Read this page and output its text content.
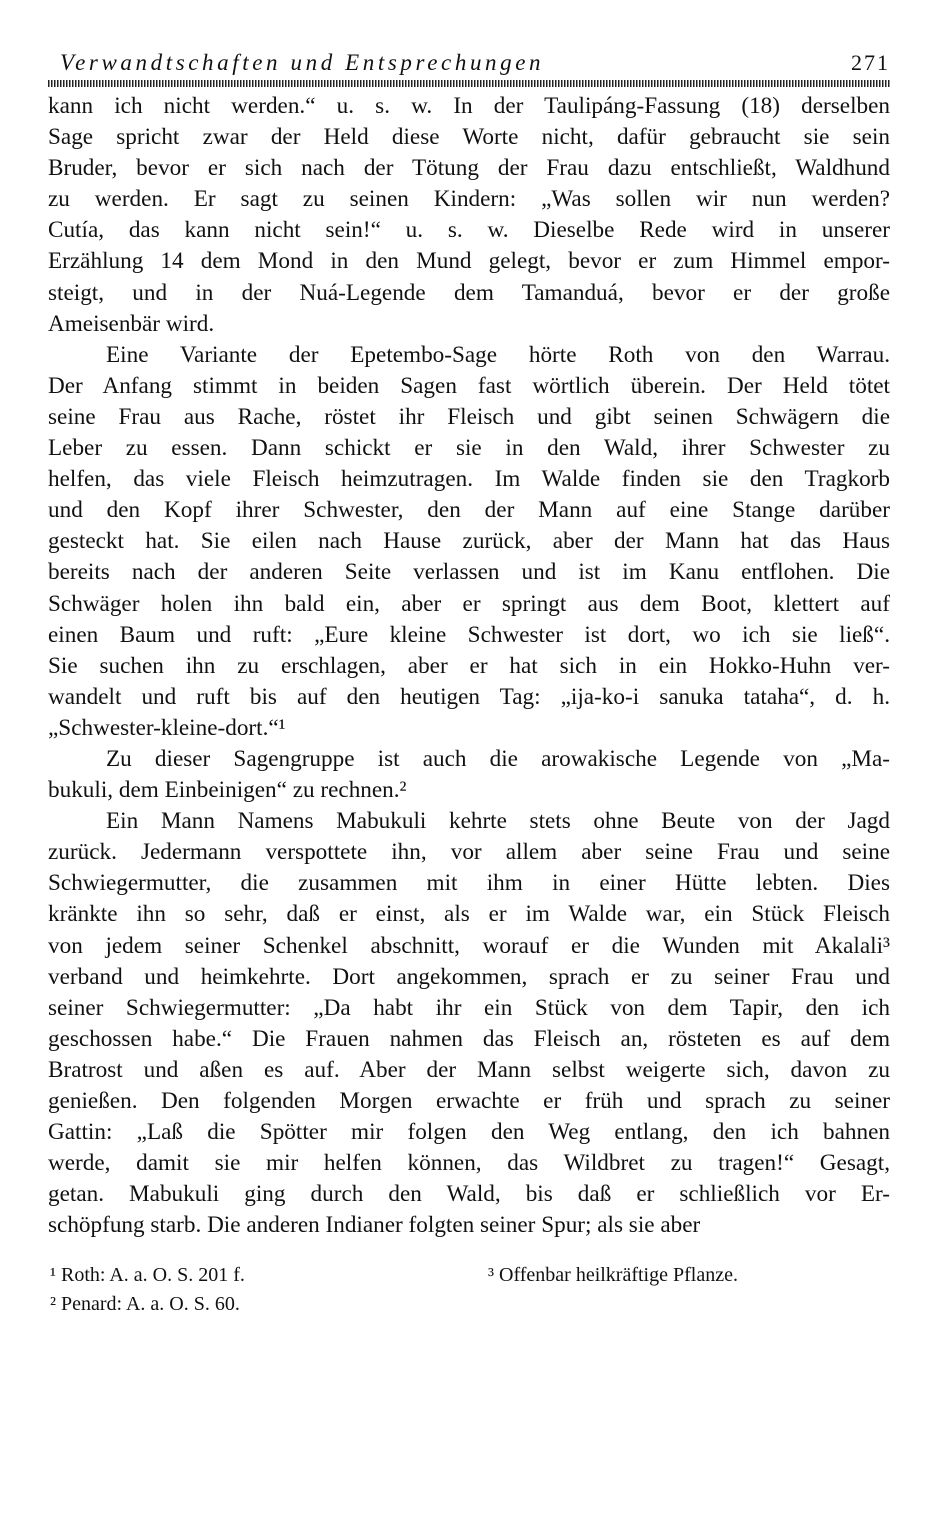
Verwandtschaften und Entsprechungen	271

kann ich nicht werden.“ u. s. w. In der Taulipáng-Fassung (18) derselben

Sage spricht zwar der Held diese Worte nicht, dafür gebraucht sie sein

Bruder, bevor er sich nach der Tötung der Frau dazu entschließt, Waldhund

zu werden. Er sagt zu seinen Kindern: „Was sollen wir nun werden?

Cutía, das kann nicht sein!“ u. s. w. Dieselbe Rede wird in unserer

Erzählung 14 dem Mond in den Mund gelegt, bevor er zum Himmel empor-

steigt, und in der Nuá-Legende dem Tamanduá, bevor er der große

Ameisenbär wird.

Eine Variante der Epetembo-Sage hörte Roth von den Warrau.

Der Anfang stimmt in beiden Sagen fast wörtlich überein. Der Held tötet

seine Frau aus Rache, röstet ihr Fleisch und gibt seinen Schwägern die

Leber zu essen. Dann schickt er sie in den Wald, ihrer Schwester zu

helfen, das viele Fleisch heimzutragen. Im Walde finden sie den Tragkorb

und den Kopf ihrer Schwester, den der Mann auf eine Stange darüber

gesteckt hat. Sie eilen nach Hause zurück, aber der Mann hat das Haus

bereits nach der anderen Seite verlassen und ist im Kanu entflohen. Die

Schwäger holen ihn bald ein, aber er springt aus dem Boot, klettert auf

einen Baum und ruft: „Eure kleine Schwester ist dort, wo ich sie ließ“.

Sie suchen ihn zu erschlagen, aber er hat sich in ein Hokko-Huhn ver-

wandelt und ruft bis auf den heutigen Tag: „ija-ko-i sanuka tataha“, d. h.

„Schwester-kleine-dort.“¹

Zu dieser Sagengruppe ist auch die arowakische Legende von „Ma-

bukuli, dem Einbeinigen“ zu rechnen.²

Ein Mann Namens Mabukuli kehrte stets ohne Beute von der Jagd

zurück. Jedermann verspottete ihn, vor allem aber seine Frau und seine

Schwiegermutter, die zusammen mit ihm in einer Hütte lebten. Dies

kränkte ihn so sehr, daß er einst, als er im Walde war, ein Stück Fleisch

von jedem seiner Schenkel abschnitt, worauf er die Wunden mit Akalali³

verband und heimkehrte. Dort angekommen, sprach er zu seiner Frau und

seiner Schwiegermutter: „Da habt ihr ein Stück von dem Tapir, den ich

geschossen habe.“ Die Frauen nahmen das Fleisch an, rösteten es auf dem

Bratrost und aßen es auf. Aber der Mann selbst weigerte sich, davon zu

genießen. Den folgenden Morgen erwachte er früh und sprach zu seiner

Gattin: „Laß die Spötter mir folgen den Weg entlang, den ich bahnen

werde, damit sie mir helfen können, das Wildbret zu tragen!“ Gesagt,

getan. Mabukuli ging durch den Wald, bis daß er schließlich vor Er-

schöpfung starb. Die anderen Indianer folgten seiner Spur; als sie aber

¹ Roth: A. a. O. S. 201 f.
² Penard: A. a. O. S. 60.
³ Offenbar heilkräftige Pflanze.
